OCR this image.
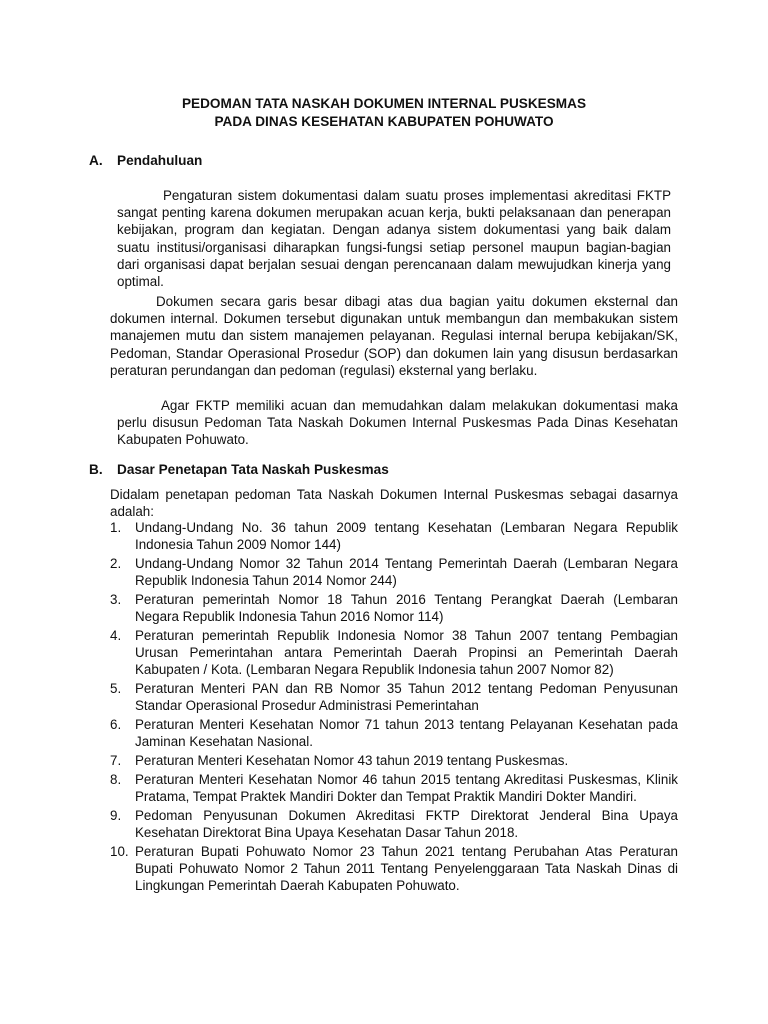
PEDOMAN TATA NASKAH DOKUMEN INTERNAL PUSKESMAS
PADA DINAS KESEHATAN KABUPATEN POHUWATO
A. Pendahuluan
Pengaturan sistem dokumentasi dalam suatu proses implementasi akreditasi FKTP sangat penting karena dokumen merupakan acuan kerja, bukti pelaksanaan dan penerapan kebijakan, program dan kegiatan. Dengan adanya sistem dokumentasi yang baik dalam suatu institusi/organisasi diharapkan fungsi-fungsi setiap personel maupun bagian-bagian dari organisasi dapat berjalan sesuai dengan perencanaan dalam mewujudkan kinerja yang optimal.
Dokumen secara garis besar dibagi atas dua bagian yaitu dokumen eksternal dan dokumen internal. Dokumen tersebut digunakan untuk membangun dan membakukan sistem manajemen mutu dan sistem manajemen pelayanan. Regulasi internal berupa kebijakan/SK, Pedoman, Standar Operasional Prosedur (SOP) dan dokumen lain yang disusun berdasarkan peraturan perundangan dan pedoman (regulasi) eksternal yang berlaku.
Agar FKTP memiliki acuan dan memudahkan dalam melakukan dokumentasi maka perlu disusun Pedoman Tata Naskah Dokumen Internal Puskesmas Pada Dinas Kesehatan Kabupaten Pohuwato.
B. Dasar Penetapan Tata Naskah Puskesmas
Didalam penetapan pedoman Tata Naskah Dokumen Internal Puskesmas sebagai dasarnya adalah:
1. Undang-Undang No. 36 tahun 2009 tentang Kesehatan (Lembaran Negara Republik Indonesia Tahun 2009 Nomor 144)
2. Undang-Undang Nomor 32 Tahun 2014 Tentang Pemerintah Daerah (Lembaran Negara Republik Indonesia Tahun 2014 Nomor 244)
3. Peraturan pemerintah Nomor 18 Tahun 2016 Tentang Perangkat Daerah (Lembaran Negara Republik Indonesia Tahun 2016 Nomor 114)
4. Peraturan pemerintah Republik Indonesia Nomor 38 Tahun 2007 tentang Pembagian Urusan Pemerintahan antara Pemerintah Daerah Propinsi an Pemerintah Daerah Kabupaten / Kota. (Lembaran Negara Republik Indonesia tahun 2007 Nomor 82)
5. Peraturan Menteri PAN dan RB Nomor 35 Tahun 2012 tentang Pedoman Penyusunan Standar Operasional Prosedur Administrasi Pemerintahan
6. Peraturan Menteri Kesehatan Nomor 71 tahun 2013 tentang Pelayanan Kesehatan pada Jaminan Kesehatan Nasional.
7. Peraturan Menteri Kesehatan Nomor 43 tahun 2019 tentang Puskesmas.
8. Peraturan Menteri Kesehatan Nomor 46 tahun 2015 tentang Akreditasi Puskesmas, Klinik Pratama, Tempat Praktek Mandiri Dokter dan Tempat Praktik Mandiri Dokter Mandiri.
9. Pedoman Penyusunan Dokumen Akreditasi FKTP Direktorat Jenderal Bina Upaya Kesehatan Direktorat Bina Upaya Kesehatan Dasar Tahun 2018.
10. Peraturan Bupati Pohuwato Nomor 23 Tahun 2021 tentang Perubahan Atas Peraturan Bupati Pohuwato Nomor 2 Tahun 2011 Tentang Penyelenggaraan Tata Naskah Dinas di Lingkungan Pemerintah Daerah Kabupaten Pohuwato.
